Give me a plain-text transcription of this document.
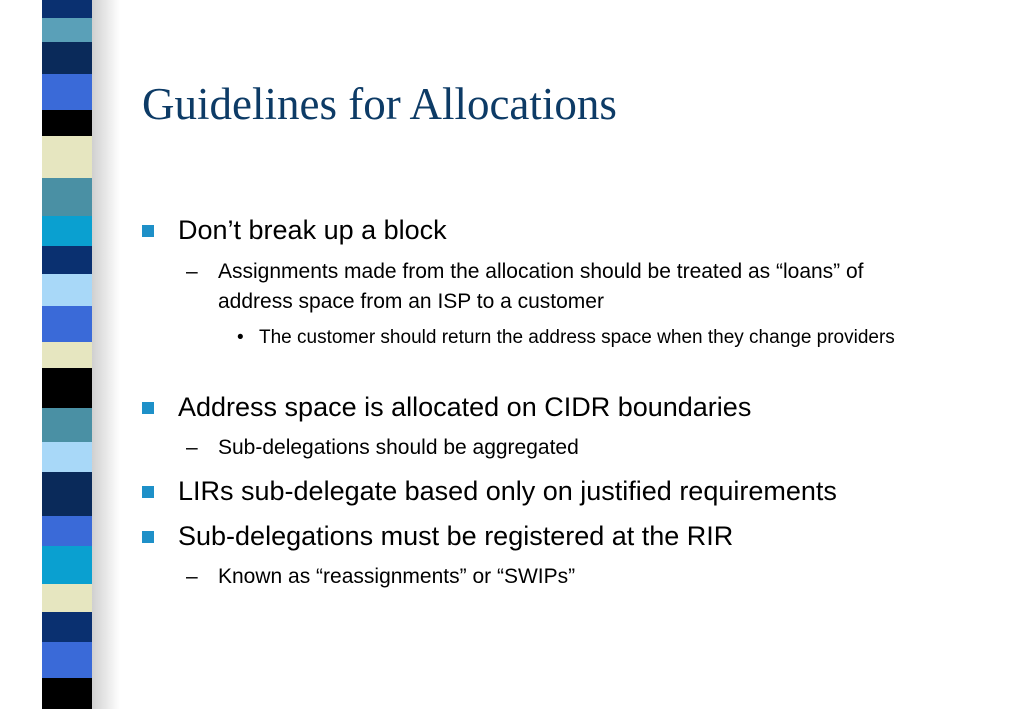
Guidelines for Allocations
Don’t break up a block
– Assignments made from the allocation should be treated as “loans” of address space from an ISP to a customer
• The customer should return the address space when they change providers
Address space is allocated on CIDR boundaries
– Sub-delegations should be aggregated
LIRs sub-delegate based only on justified requirements
Sub-delegations must be registered at the RIR
– Known as “reassignments” or “SWIPs”
